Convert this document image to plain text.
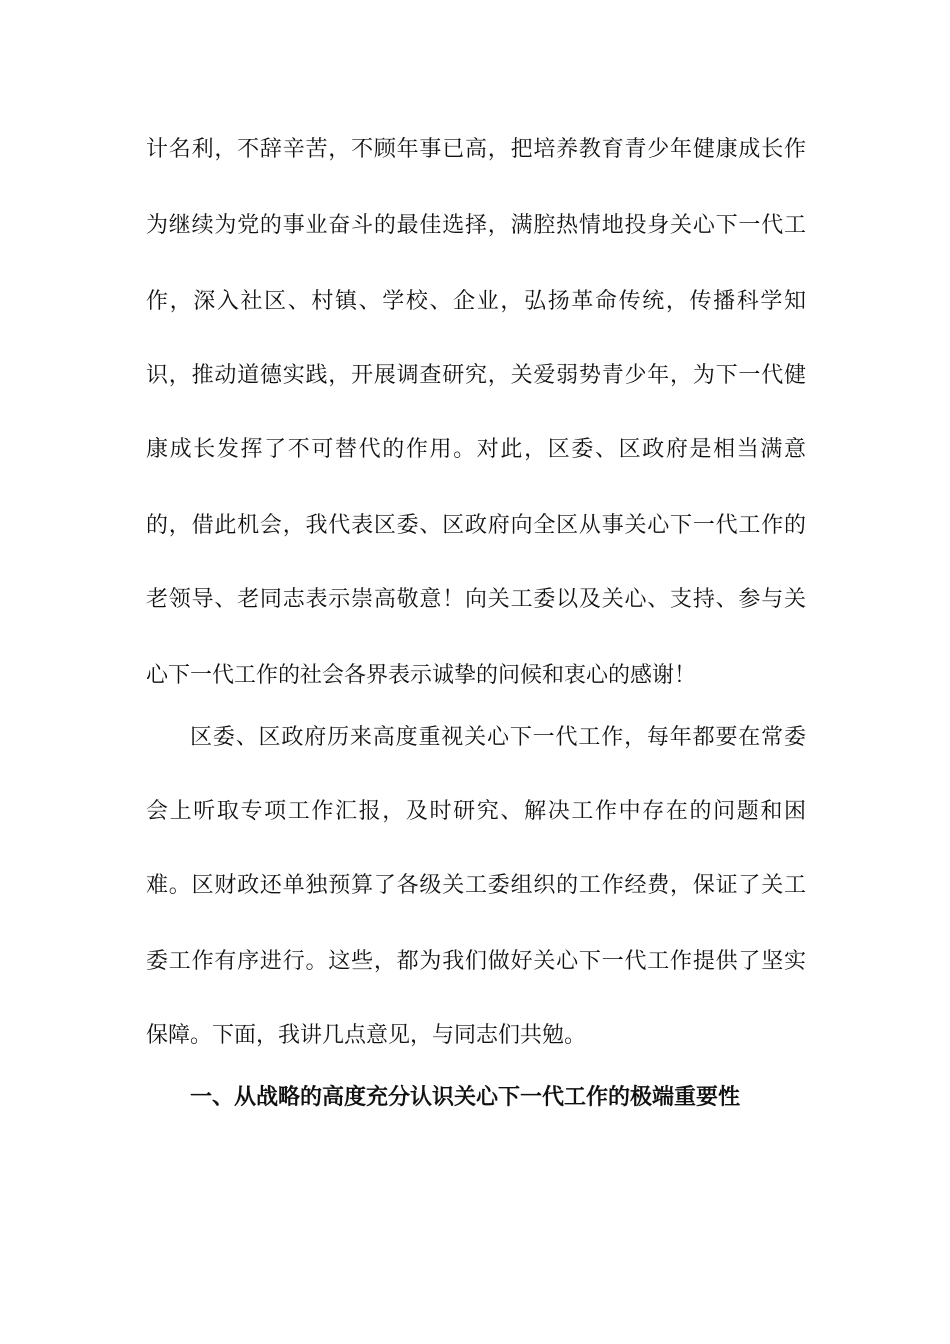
计名利，不辞辛苦，不顾年事已高，把培养教育青少年健康成长作
为继续为党的事业奋斗的最佳选择，满腔热情地投身关心下一代工
作，深入社区、村镇、学校、企业，弘扬革命传统，传播科学知
识，推动道德实践，开展调查研究，关爱弱势青少年，为下一代健
康成长发挥了不可替代的作用。对此，区委、区政府是相当满意
的，借此机会，我代表区委、区政府向全区从事关心下一代工作的
老领导、老同志表示崇高敬意！向关工委以及关心、支持、参与关
心下一代工作的社会各界表示诚挚的问候和衷心的感谢！
区委、区政府历来高度重视关心下一代工作，每年都要在常委
会上听取专项工作汇报，及时研究、解决工作中存在的问题和困
难。区财政还单独预算了各级关工委组织的工作经费，保证了关工
委工作有序进行。这些，都为我们做好关心下一代工作提供了坚实
保障。下面，我讲几点意见，与同志们共勉。
一、从战略的高度充分认识关心下一代工作的极端重要性
